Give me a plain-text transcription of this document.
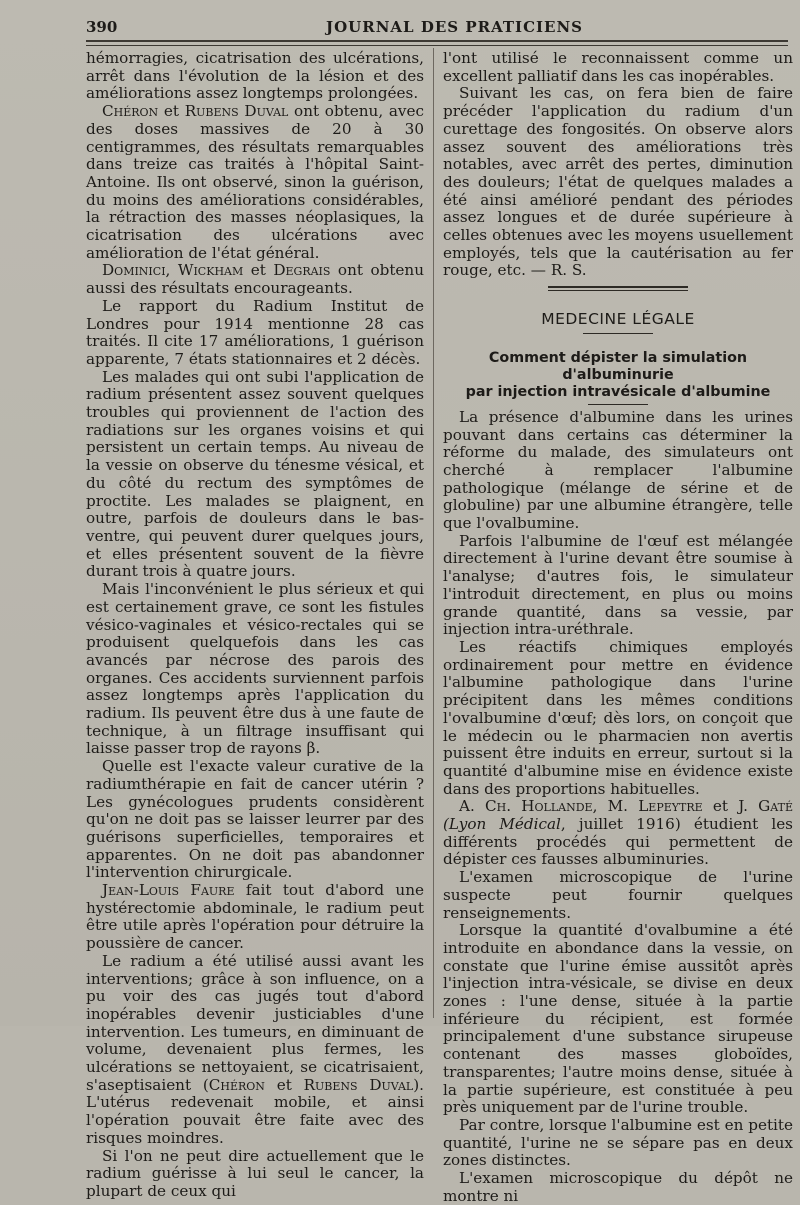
390	JOURNAL DES PRATICIENS

hémorragies, cicatrisation des ulcérations, arrêt dans l'évolution de la lésion et des améliorations assez longtemps prolongées.

Chéron et Rubens Duval ont obtenu, avec des doses massives de 20 à 30 centigrammes, des résultats remarquables dans treize cas traités à l'hôpital Saint-Antoine. Ils ont observé, sinon la guérison, du moins des améliorations considérables, la rétraction des masses néoplasiques, la cicatrisation des ulcérations avec amélioration de l'état général.

Dominici, Wickham et Degrais ont obtenu aussi des résultats encourageants.

Le rapport du Radium Institut de Londres pour 1914 mentionne 28 cas traités. Il cite 17 améliorations, 1 guérison apparente, 7 états stationnaires et 2 décès.

Les malades qui ont subi l'application de radium présentent assez souvent quelques troubles qui proviennent de l'action des radiations sur les organes voisins et qui persistent un certain temps. Au niveau de la vessie on observe du ténesme vésical, et du côté du rectum des symptômes de proctite. Les malades se plaignent, en outre, parfois de douleurs dans le bas-ventre, qui peuvent durer quelques jours, et elles présentent souvent de la fièvre durant trois à quatre jours.

Mais l'inconvénient le plus sérieux et qui est certainement grave, ce sont les fistules vésico-vaginales et vésico-rectales qui se produisent quelquefois dans les cas avancés par nécrose des parois des organes. Ces accidents surviennent parfois assez longtemps après l'application du radium. Ils peuvent être dus à une faute de technique, à un filtrage insuffisant qui laisse passer trop de rayons β.

Quelle est l'exacte valeur curative de la radiumthérapie en fait de cancer utérin ? Les gynécologues prudents considèrent qu'on ne doit pas se laisser leurrer par des guérisons superficielles, temporaires et apparentes. On ne doit pas abandonner l'intervention chirurgicale.

Jean-Louis Faure fait tout d'abord une hystérectomie abdominale, le radium peut être utile après l'opération pour détruire la poussière de cancer.

Le radium a été utilisé aussi avant les interventions; grâce à son influence, on a pu voir des cas jugés tout d'abord inopérables devenir justiciables d'une intervention. Les tumeurs, en diminuant de volume, devenaient plus fermes, les ulcérations se nettoyaient, se cicatrisaient, s'aseptisaient (Chéron et Rubens Duval). L'utérus redevenait mobile, et ainsi l'opération pouvait être faite avec des risques moindres.

Si l'on ne peut dire actuellement que le radium guérisse à lui seul le cancer, la plupart de ceux qui

l'ont utilisé le reconnaissent comme un excellent palliatif dans les cas inopérables.

Suivant les cas, on fera bien de faire précéder l'application du radium d'un curettage des fongosités. On observe alors assez souvent des améliorations très notables, avec arrêt des pertes, diminution des douleurs; l'état de quelques malades a été ainsi amélioré pendant des périodes assez longues et de durée supérieure à celles obtenues avec les moyens usuellement employés, tels que la cautérisation au fer rouge, etc. — R. S.

MEDECINE LÉGALE
Comment dépister la simulation d'albuminurie
par injection intravésicale d'albumine

La présence d'albumine dans les urines pouvant dans certains cas déterminer la réforme du malade, des simulateurs ont cherché à remplacer l'albumine pathologique (mélange de sérine et de globuline) par une albumine étrangère, telle que l'ovalbumine.

Parfois l'albumine de l'œuf est mélangée directement à l'urine devant être soumise à l'analyse; d'autres fois, le simulateur l'introduit directement, en plus ou moins grande quantité, dans sa vessie, par injection intra-uréthrale.

Les réactifs chimiques employés ordinairement pour mettre en évidence l'albumine pathologique dans l'urine précipitent dans les mêmes conditions l'ovalbumine d'œuf; dès lors, on conçoit que le médecin ou le pharmacien non avertis puissent être induits en erreur, surtout si la quantité d'albumine mise en évidence existe dans des proportions habituelles.

A. Ch. Hollande, M. Lepeytre et J. Gaté (Lyon Médical, juillet 1916) étudient les différents procédés qui permettent de dépister ces fausses albuminuries.

L'examen microscopique de l'urine suspecte peut fournir quelques renseignements.

Lorsque la quantité d'ovalbumine a été introduite en abondance dans la vessie, on constate que l'urine émise aussitôt après l'injection intra-vésicale, se divise en deux zones : l'une dense, située à la partie inférieure du récipient, est formée principalement d'une substance sirupeuse contenant des masses globoïdes, transparentes; l'autre moins dense, située à la partie supérieure, est constituée à peu près uniquement par de l'urine trouble.

Par contre, lorsque l'albumine est en petite quantité, l'urine ne se sépare pas en deux zones distinctes.

L'examen microscopique du dépôt ne montre ni
